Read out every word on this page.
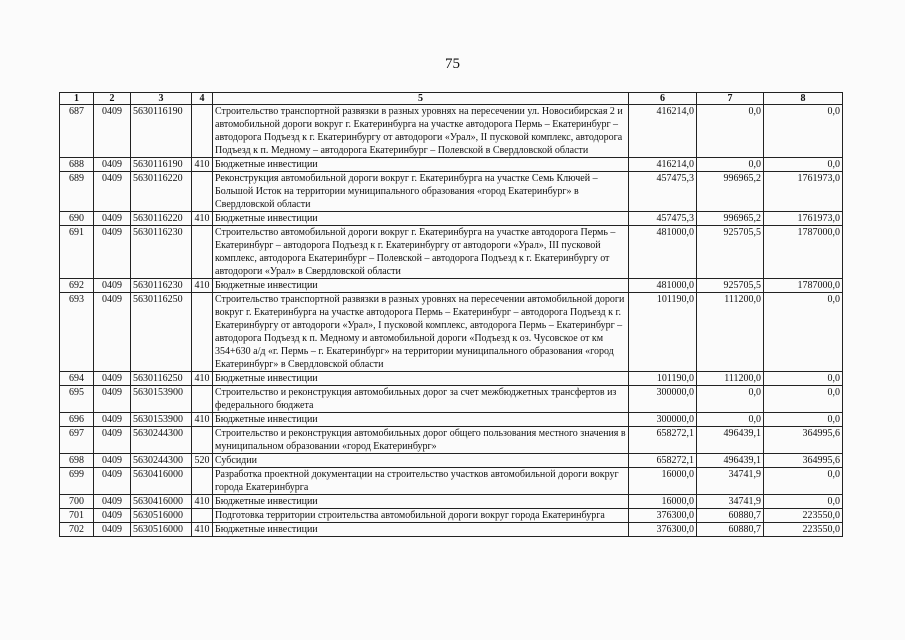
75
1	2	3	4	5	6	7	8
687	0409	5630116190		Строительство транспортной развязки в разных уровнях на пересечении ул. Новосибирская 2 и автомобильной дороги вокруг г. Екатеринбурга на участке автодорога Пермь – Екатеринбург – автодорога Подъезд к г. Екатеринбургу от автодороги «Урал», II пусковой комплекс, автодорога Подъезд к п. Медному – автодорога Екатеринбург – Полевской в Свердловской области	416214,0	0,0	0,0
688	0409	5630116190	410	Бюджетные инвестиции	416214,0	0,0	0,0
689	0409	5630116220		Реконструкция автомобильной дороги вокруг г. Екатеринбурга на участке Семь Ключей – Большой Исток на территории муниципального образования «город Екатеринбург» в Свердловской области	457475,3	996965,2	1761973,0
690	0409	5630116220	410	Бюджетные инвестиции	457475,3	996965,2	1761973,0
691	0409	5630116230		Строительство автомобильной дороги вокруг г. Екатеринбурга на участке автодорога Пермь – Екатеринбург – автодорога Подъезд к г. Екатеринбургу от автодороги «Урал», III пусковой комплекс, автодорога Екатеринбург – Полевской – автодорога Подъезд к г. Екатеринбургу от автодороги «Урал» в Свердловской области	481000,0	925705,5	1787000,0
692	0409	5630116230	410	Бюджетные инвестиции	481000,0	925705,5	1787000,0
693	0409	5630116250		Строительство транспортной развязки в разных уровнях на пересечении автомобильной дороги вокруг г. Екатеринбурга на участке автодорога Пермь – Екатеринбург – автодорога Подъезд к г. Екатеринбургу от автодороги «Урал», I пусковой комплекс, автодорога Пермь – Екатеринбург – автодорога Подъезд к п. Медному и автомобильной дороги «Подъезд к оз. Чусовское от км 354+630 а/д «г. Пермь – г. Екатеринбург» на территории муниципального образования «город Екатеринбург» в Свердловской области	101190,0	111200,0	0,0
694	0409	5630116250	410	Бюджетные инвестиции	101190,0	111200,0	0,0
695	0409	5630153900		Строительство и реконструкция автомобильных дорог за счет межбюджетных трансфертов из федерального бюджета	300000,0	0,0	0,0
696	0409	5630153900	410	Бюджетные инвестиции	300000,0	0,0	0,0
697	0409	5630244300		Строительство и реконструкция автомобильных дорог общего пользования местного значения в муниципальном образовании «город Екатеринбург»	658272,1	496439,1	364995,6
698	0409	5630244300	520	Субсидии	658272,1	496439,1	364995,6
699	0409	5630416000		Разработка проектной документации на строительство участков автомобильной дороги вокруг города Екатеринбурга	16000,0	34741,9	0,0
700	0409	5630416000	410	Бюджетные инвестиции	16000,0	34741,9	0,0
701	0409	5630516000		Подготовка территории строительства автомобильной дороги вокруг города Екатеринбурга	376300,0	60880,7	223550,0
702	0409	5630516000	410	Бюджетные инвестиции	376300,0	60880,7	223550,0
